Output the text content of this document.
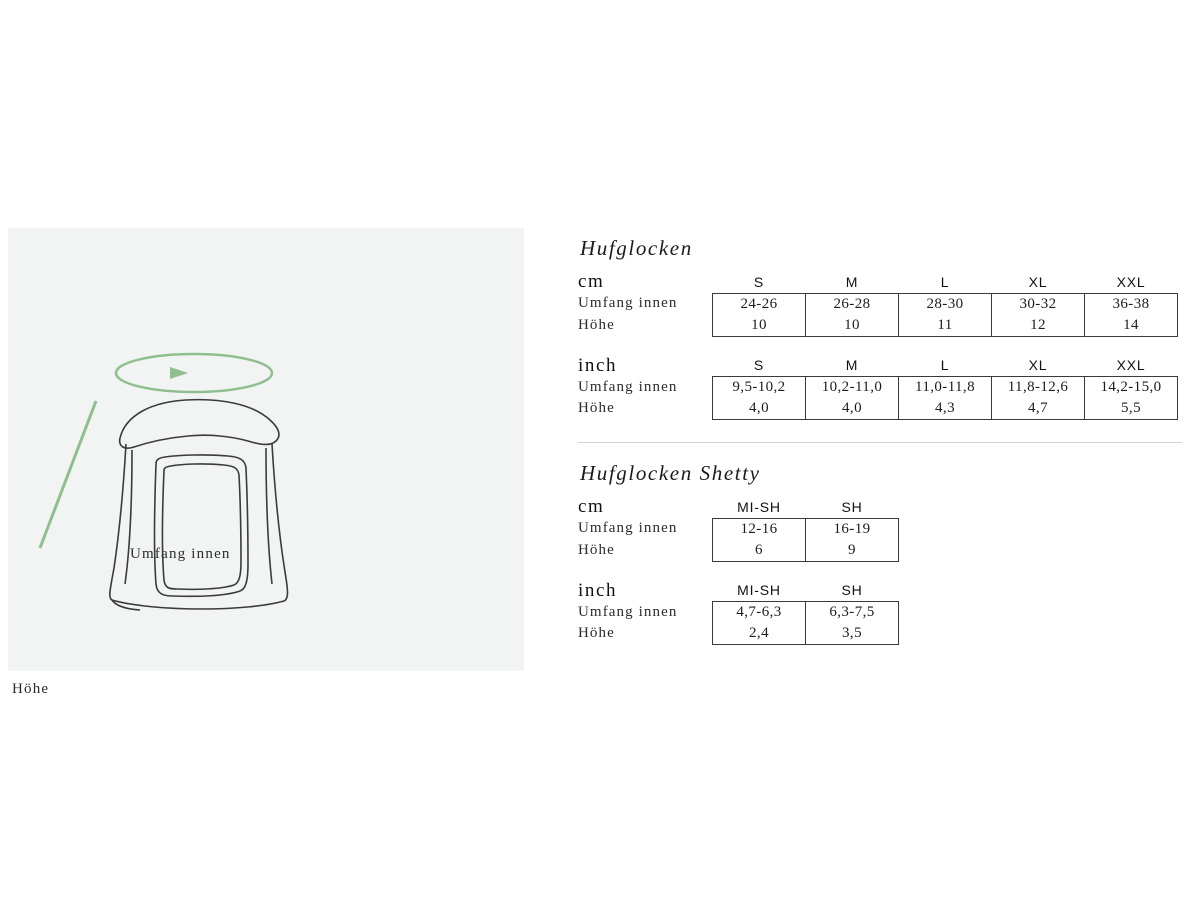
Umfang innen
Höhe
Hufglocken
cm	S	M	L	XL	XXL
Umfang innen	24-26	26-28	28-30	30-32	36-38
Höhe	10	10	11	12	14
inch	S	M	L	XL	XXL
Umfang innen	9,5-10,2	10,2-11,0	11,0-11,8	11,8-12,6	14,2-15,0
Höhe	4,0	4,0	4,3	4,7	5,5
Hufglocken Shetty
cm	MI-SH	SH
Umfang innen	12-16	16-19
Höhe	6	9
inch	MI-SH	SH
Umfang innen	4,7-6,3	6,3-7,5
Höhe	2,4	3,5
